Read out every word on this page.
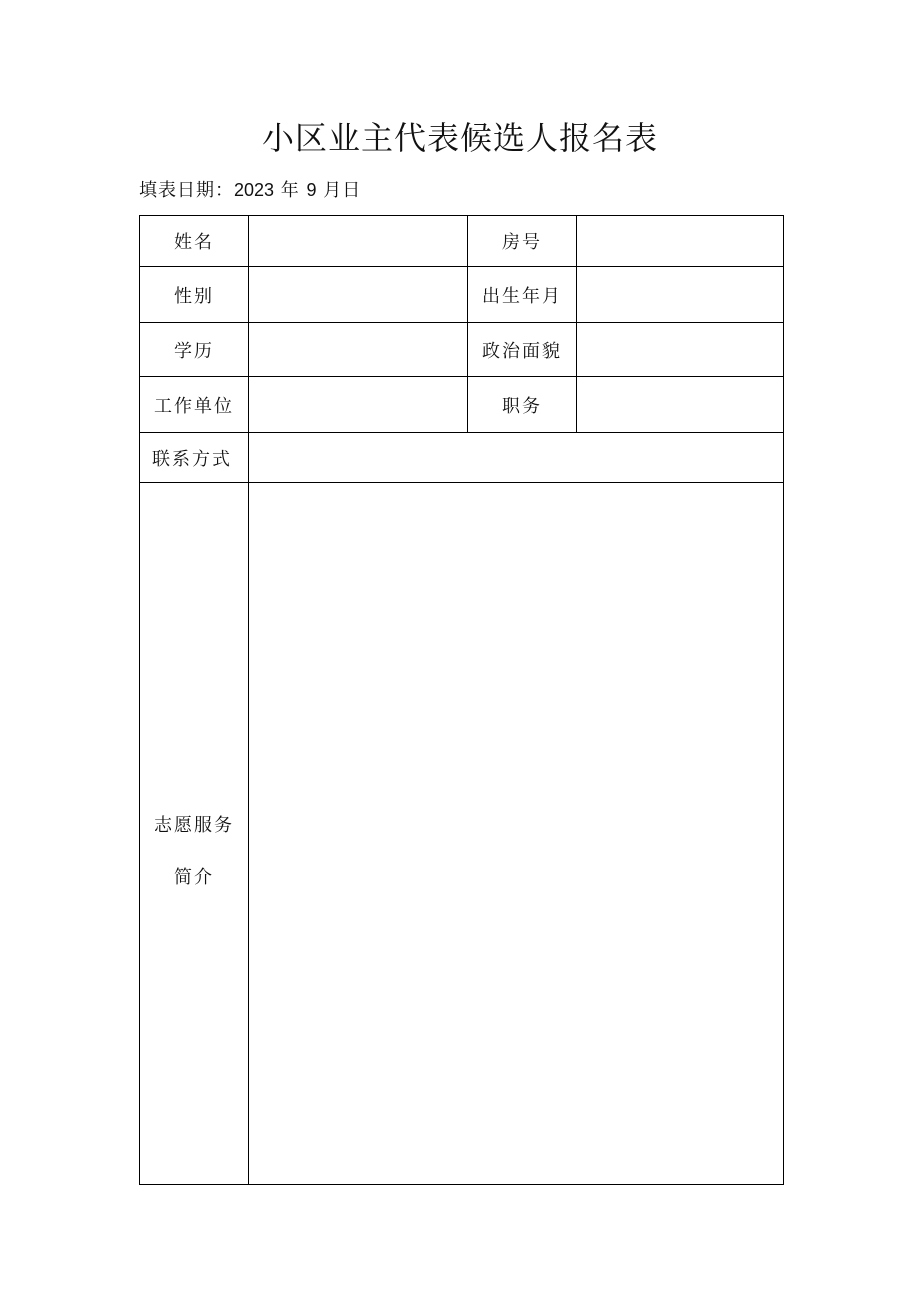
小区业主代表候选人报名表
填表日期：2023 年 9 月日
姓名		房号	
性别		出生年月	
学历		政治面貌	
工作单位		职务	
联系方式			
志愿服务
简介			
